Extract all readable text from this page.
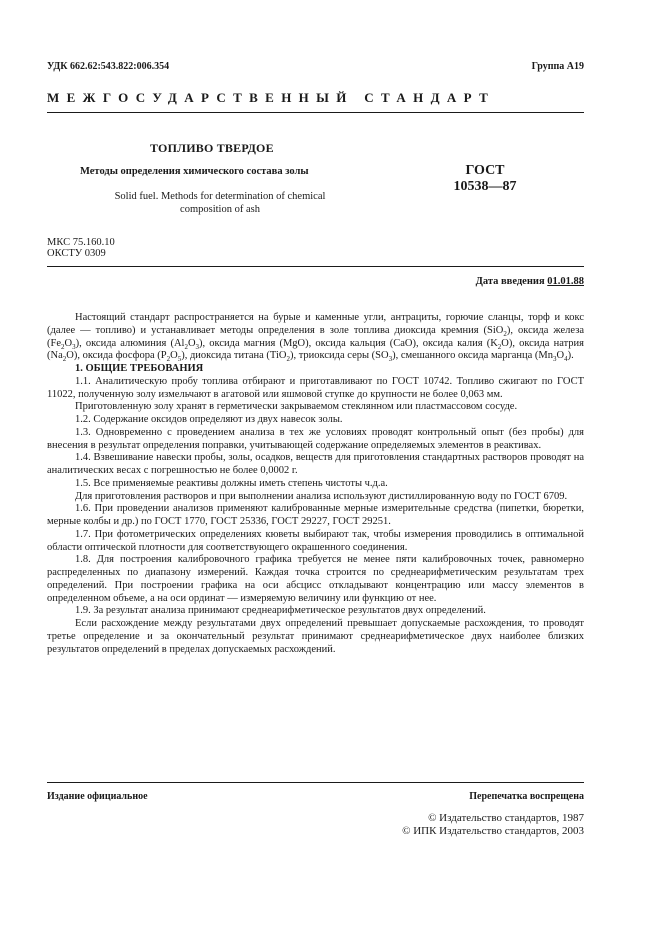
УДК 662.62:543.822:006.354	Группа А19
МЕЖГОСУДАРСТВЕННЫЙ СТАНДАРТ
ТОПЛИВО ТВЕРДОЕ
Методы определения химического состава золы
Solid fuel. Methods for determination of chemical
composition of ash
ГОСТ
10538—87
МКС 75.160.10
ОКСТУ 0309
Дата введения 01.01.88

Настоящий стандарт распространяется на бурые и каменные угли, антрациты, горючие сланцы, торф и кокс (далее — топливо) и устанавливает методы определения в золе топлива диоксида кремния (SiO$_2$), оксида железа $(Fe_2O_3)$, оксида алюминия $(Al_2O_3)$, оксида магния (MgO), оксида кальция (CaO), оксида калия $(K_2O)$, оксида натрия $(Na_2O)$, оксида фосфора $(P_2O_5)$, диоксида титана (TiO$_2$), триоксида серы $(SO_3)$, смешанного оксида марганца $(Mn_3O_4)$.

1. ОБЩИЕ ТРЕБОВАНИЯ

1.1. Аналитическую пробу топлива отбирают и приготавливают по ГОСТ 10742. Топливо сжигают по ГОСТ 11022, полученную золу измельчают в агатовой или яшмовой ступке до крупности не более 0,063 мм.

Приготовленную золу хранят в герметически закрываемом стеклянном или пластмассовом сосуде.

1.2. Содержание оксидов определяют из двух навесок золы.

1.3. Одновременно с проведением анализа в тех же условиях проводят контрольный опыт (без пробы) для внесения в результат определения поправки, учитывающей содержание определяемых элементов в реактивах.

1.4. Взвешивание навески пробы, золы, осадков, веществ для приготовления стандартных растворов проводят на аналитических весах с погрешностью не более 0,0002 г.

1.5. Все применяемые реактивы должны иметь степень чистоты ч.д.а.

Для приготовления растворов и при выполнении анализа используют дистиллированную воду по ГОСТ 6709.

1.6. При проведении анализов применяют калиброванные мерные измерительные средства (пипетки, бюретки, мерные колбы и др.) по ГОСТ 1770, ГОСТ 25336, ГОСТ 29227, ГОСТ 29251.

1.7. При фотометрических определениях кюветы выбирают так, чтобы измерения проводились в оптимальной области оптической плотности для соответствующего окрашенного соединения.

1.8. Для построения калибровочного графика требуется не менее пяти калибровочных точек, равномерно распределенных по диапазону измерений. Каждая точка строится по среднеарифметическим результатам трех определений. При построении графика на оси абсцисс откладывают концентрацию или массу элементов в определенном объеме, а на оси ординат — измеряемую величину или функцию от нее.

1.9. За результат анализа принимают среднеарифметическое результатов двух определений.

Если расхождение между результатами двух определений превышает допускаемые расхождения, то проводят третье определение и за окончательный результат принимают среднеарифметическое двух наиболее близких результатов определений в пределах допускаемых расхождений.

Издание официальное	Перепечатка воспрещена
© Издательство стандартов, 1987
© ИПК Издательство стандартов, 2003
